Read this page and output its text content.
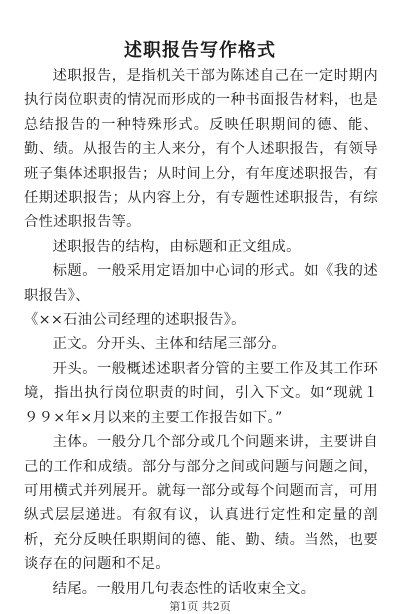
述职报告写作格式

述职报告，是指机关干部为陈述自己在一定时期内执行岗位职责的情况而形成的一种书面报告材料，也是总结报告的一种特殊形式。反映任职期间的德、能、勤、绩。从报告的主人来分，有个人述职报告，有领导班子集体述职报告；从时间上分，有年度述职报告，有任期述职报告；从内容上分，有专题性述职报告，有综合性述职报告等。

述职报告的结构，由标题和正文组成。

标题。一般采用定语加中心词的形式。如《我的述职报告》、

《××石油公司经理的述职报告》。

正文。分开头、主体和结尾三部分。

开头。一般概述述职者分管的主要工作及其工作环境，指出执行岗位职责的时间，引入下文。如“现就１９９×年×月以来的主要工作报告如下。”

主体。一般分几个部分或几个问题来讲，主要讲自己的工作和成绩。部分与部分之间或问题与问题之间，可用横式并列展开。就每一部分或每个问题而言，可用纵式层层递进。有叙有议，认真进行定性和定量的剖析，充分反映任职期间的德、能、勤、绩。当然，也要谈存在的问题和不足。

结尾。一般用几句表态性的话收束全文。

第1页 共2页
